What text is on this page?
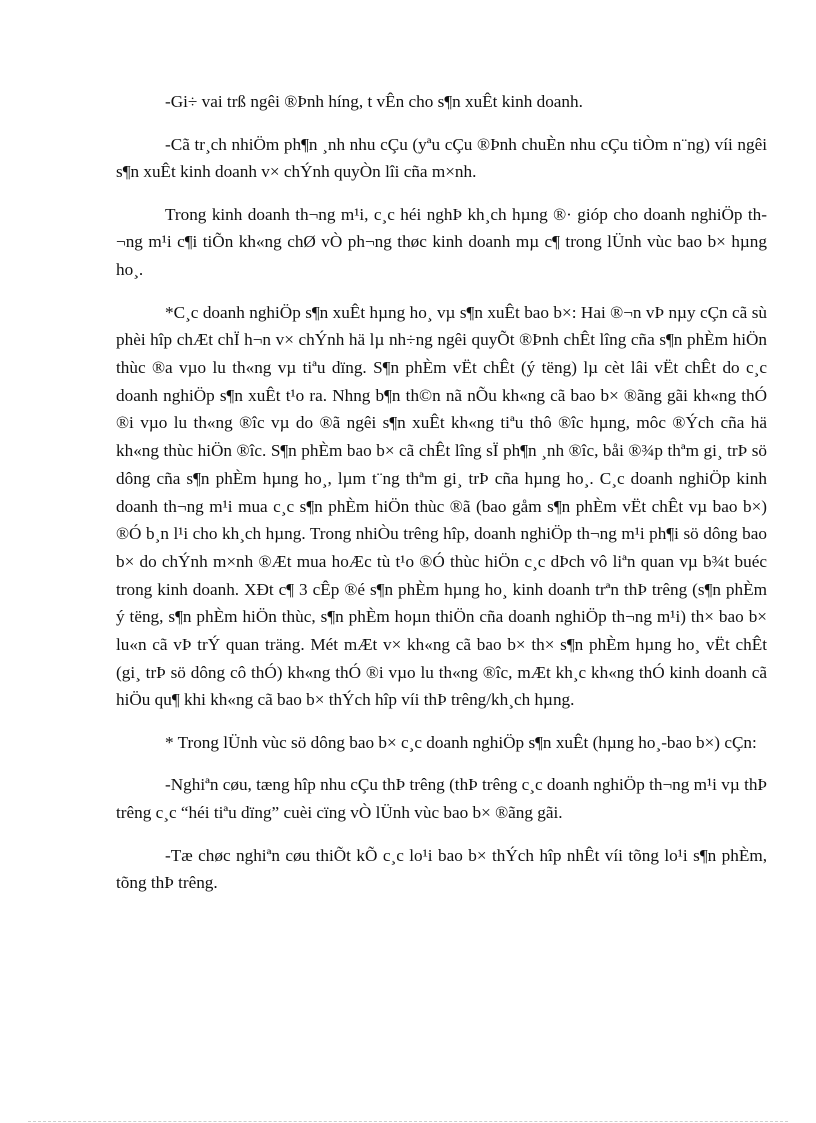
-Gi÷ vai trß ngêi ®Þnh híng, t vÊn cho s¶n xuÊt kinh doanh.

-Cã tr¸ch nhiÖm ph¶n ¸nh nhu cÇu (yªu cÇu ®Þnh chuÈn nhu cÇu tiÒm n¨ng) víi ngêi s¶n xuÊt kinh doanh v× chÝnh quyÒn lîi cña m×nh.

Trong kinh doanh th¬ng m¹i, c¸c héi nghÞ kh¸ch hµng ®· gióp cho doanh nghiÖp th¬ng m¹i c¶i tiÕn kh«ng chØ vÒ ph¬ng thøc kinh doanh mµ c¶ trong lÜnh vùc bao b× hµng ho¸.

*C¸c doanh nghiÖp s¶n xuÊt hµng ho¸ vµ s¶n xuÊt bao b×: Hai ®¬n vÞ nµy cÇn cã sù phèi hîp chÆt chÏ h¬n v× chÝnh hä lµ nh÷ng ngêi quyÕt ®Þnh chÊt lîng cña s¶n phÈm hiÖn thùc ®a vµo lu th«ng vµ tiªu dïng. S¶n phÈm vËt chÊt (ý tëng) lµ cèt lâi vËt chÊt do c¸c doanh nghiÖp s¶n xuÊt t¹o ra. Nhng b¶n th©n nã nÕu kh«ng cã bao b× ®ãng gãi kh«ng thÓ ®i vµo lu th«ng ®îc vµ do ®ã ngêi s¶n xuÊt kh«ng tiªu thô ®îc hµng, môc ®Ých cña hä kh«ng thùc hiÖn ®îc. S¶n phÈm bao b× cã chÊt lîng sÏ ph¶n ¸nh ®îc, båi ®¾p thªm gi¸ trÞ sö dông cña s¶n phÈm hµng ho¸, lµm t¨ng thªm gi¸ trÞ cña hµng ho¸. C¸c doanh nghiÖp kinh doanh th¬ng m¹i mua c¸c s¶n phÈm hiÖn thùc ®ã (bao gåm s¶n phÈm vËt chÊt vµ bao b×) ®Ó b¸n l¹i cho kh¸ch hµng. Trong nhiÒu trêng hîp, doanh nghiÖp th¬ng m¹i ph¶i sö dông bao b× do chÝnh m×nh ®Æt mua hoÆc tù t¹o ®Ó thùc hiÖn c¸c dÞch vô liªn quan vµ b¾t buéc trong kinh doanh. XÐt c¶ 3 cÊp ®é s¶n phÈm hµng ho¸ kinh doanh trªn thÞ trêng (s¶n phÈm ý tëng, s¶n phÈm hiÖn thùc, s¶n phÈm hoµn thiÖn cña doanh nghiÖp th¬ng m¹i) th× bao b× lu«n cã vÞ trÝ quan träng. Mét mÆt v× kh«ng cã bao b× th× s¶n phÈm hµng ho¸ vËt chÊt (gi¸ trÞ sö dông cô thÓ) kh«ng thÓ ®i vµo lu th«ng ®îc, mÆt kh¸c kh«ng thÓ kinh doanh cã hiÖu qu¶ khi kh«ng cã bao b× thÝch hîp víi thÞ trêng/kh¸ch hµng.

* Trong lÜnh vùc sö dông bao b× c¸c doanh nghiÖp s¶n xuÊt (hµng ho¸-bao b×) cÇn:

-Nghiªn cøu, tæng hîp nhu cÇu thÞ trêng (thÞ trêng c¸c doanh nghiÖp th¬ng m¹i vµ thÞ trêng c¸c “héi tiªu dïng” cuèi cïng vÒ lÜnh vùc bao b× ®ãng gãi.

-Tæ chøc nghiªn cøu thiÕt kÕ c¸c lo¹i bao b× thÝch hîp nhÊt víi tõng lo¹i s¶n phÈm, tõng thÞ trêng.
